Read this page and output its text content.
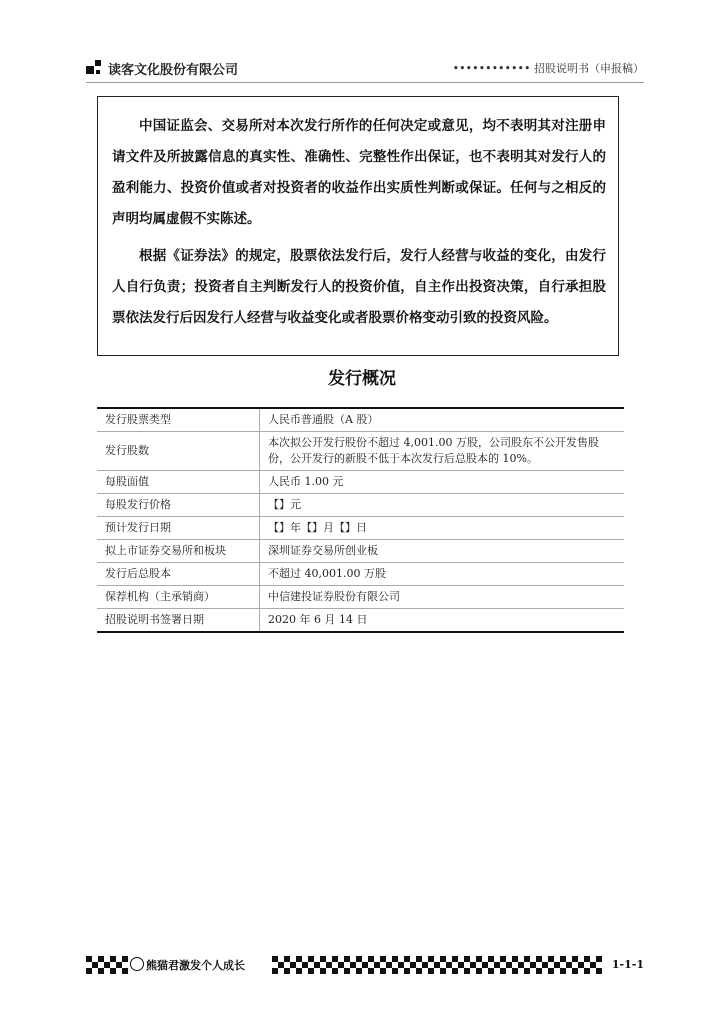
读客文化股份有限公司	•••••••••••• 招股说明书（申报稿）

中国证监会、交易所对本次发行所作的任何决定或意见，均不表明其对注册申请文件及所披露信息的真实性、准确性、完整性作出保证，也不表明其对发行人的盈利能力、投资价值或者对投资者的收益作出实质性判断或保证。任何与之相反的声明均属虚假不实陈述。

根据《证券法》的规定，股票依法发行后，发行人经营与收益的变化，由发行人自行负责；投资者自主判断发行人的投资价值，自主作出投资决策，自行承担股票依法发行后因发行人经营与收益变化或者股票价格变动引致的投资风险。

发行概况
发行股票类型	人民币普通股（A 股）
发行股数	本次拟公开发行股份不超过 4,001.00 万股，公司股东不公开发售股份，公开发行的新股不低于本次发行后总股本的 10%。
每股面值	人民币 1.00 元
每股发行价格	【】元
预计发行日期	【】年【】月【】日
拟上市证券交易所和板块	深圳证券交易所创业板
发行后总股本	不超过 40,001.00 万股
保荐机构（主承销商）	中信建投证券股份有限公司
招股说明书签署日期	2020 年 6 月 14 日
熊猫君激发个人成长	1-1-1
